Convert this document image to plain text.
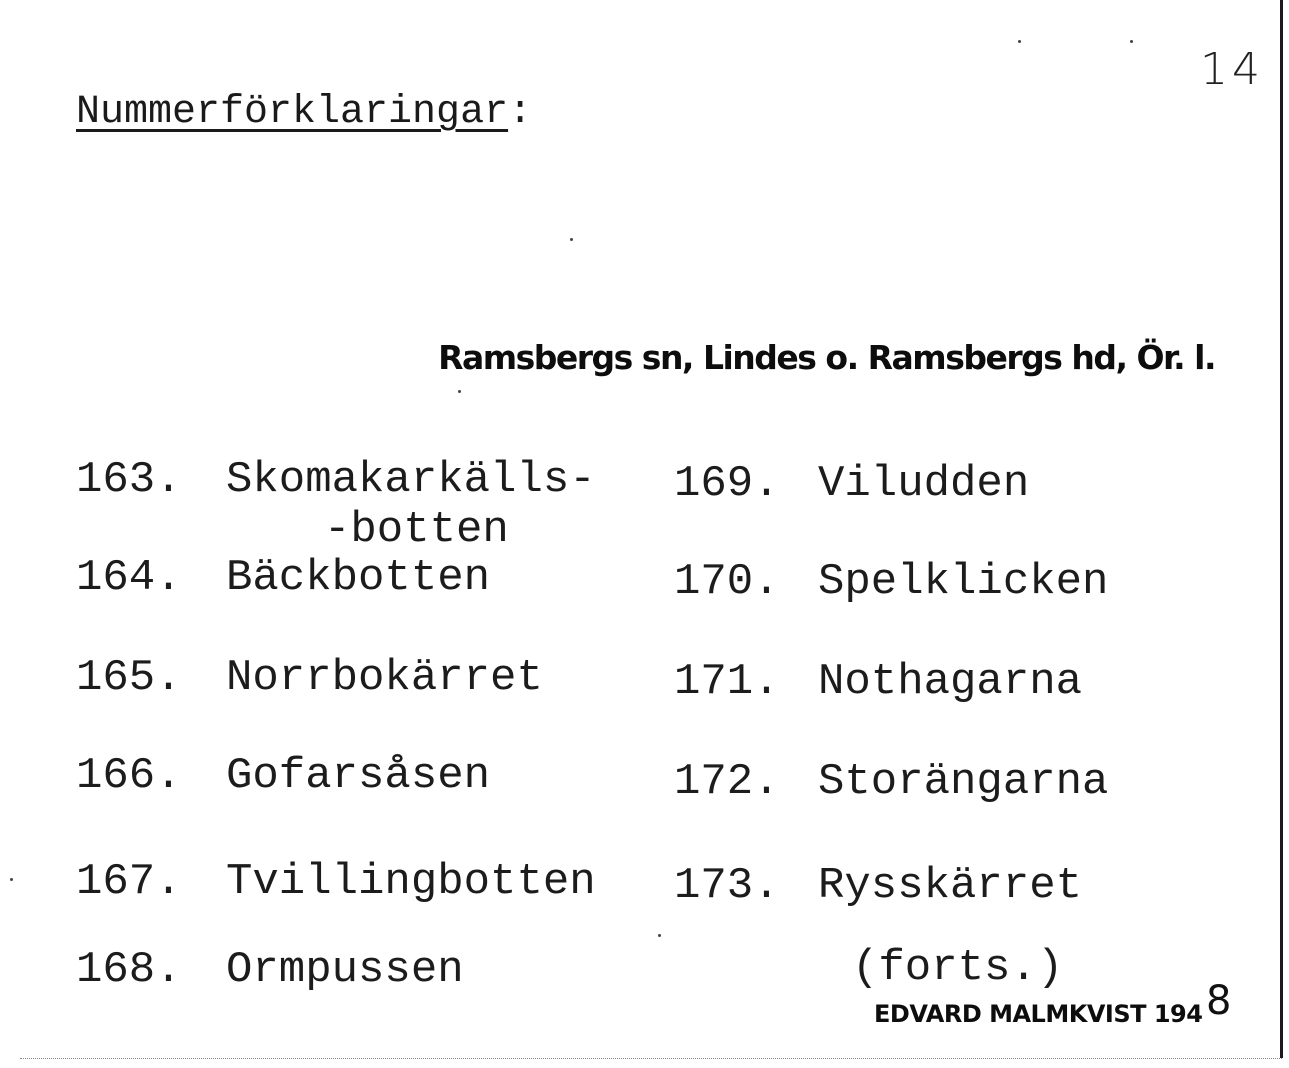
14
Nummerförklaringar:
Ramsbergs sn, Lindes o. Ramsbergs hd, Ör. l.
163. Skomakarkälls-
-botten
164. Bäckbotten
165. Norrbokärret
166. Gofarsåsen
167. Tvillingbotten
168. Ormpussen
169. Viludden
170. Spelklicken
171. Nothagarna
172. Storängarna
173. Rysskärret
(forts.)
EDVARD MALMKVIST 194 8
